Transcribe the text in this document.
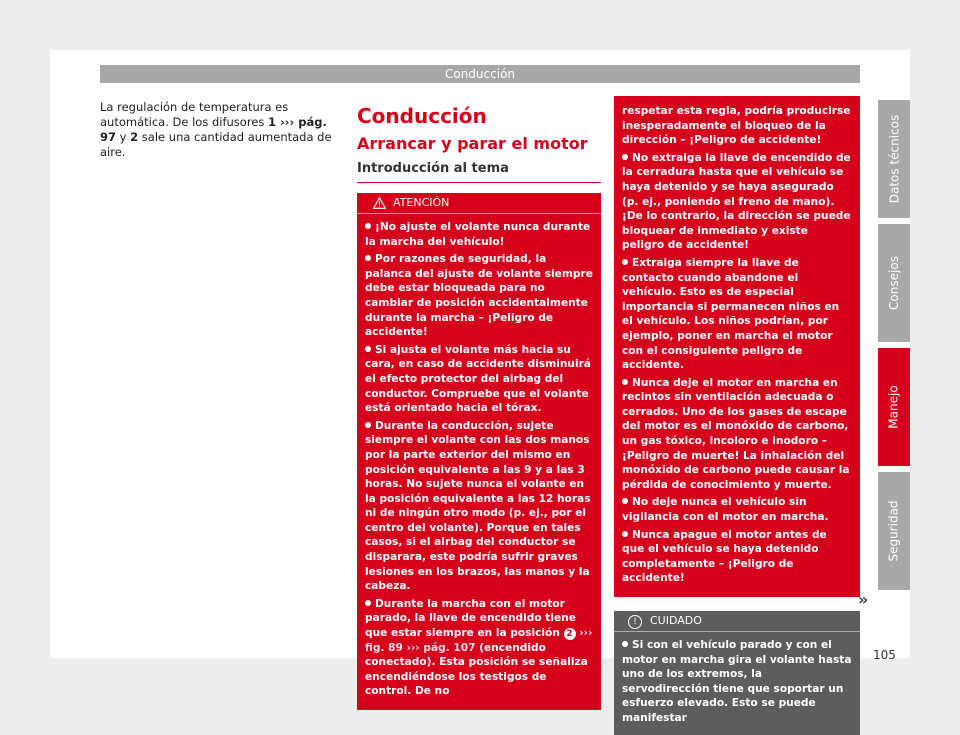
Conducción

La regulación de temperatura es automática. De los difusores 1 ››› pág. 97 y 2 sale una cantidad aumentada de aire.

Conducción
Arrancar y parar el motor
Introducción al tema
ATENCIÓN
¡No ajuste el volante nunca durante la marcha del vehículo!
Por razones de seguridad, la palanca del ajuste de volante siempre debe estar bloqueada para no cambiar de posición accidentalmente durante la marcha – ¡Peligro de accidente!
Si ajusta el volante más hacia su cara, en caso de accidente disminuirá el efecto protector del airbag del conductor. Compruebe que el volante está orientado hacia el tórax.
Durante la conducción, sujete siempre el volante con las dos manos por la parte exterior del mismo en posición equivalente a las 9 y a las 3 horas. No sujete nunca el volante en la posición equivalente a las 12 horas ni de ningún otro modo (p. ej., por el centro del volante). Porque en tales casos, si el airbag del conductor se disparara, este podría sufrir graves lesiones en los brazos, las manos y la cabeza.
Durante la marcha con el motor parado, la llave de encendido tiene que estar siempre en la posición 2 ››› fig. 89 ››› pág. 107 (encendido conectado). Esta posición se señaliza encendiéndose los testigos de control. De no
respetar esta regla, podría producirse inesperadamente el bloqueo de la dirección – ¡Peligro de accidente!
No extraiga la llave de encendido de la cerradura hasta que el vehículo se haya detenido y se haya asegurado (p. ej., poniendo el freno de mano). ¡De lo contrario, la dirección se puede bloquear de inmediato y existe peligro de accidente!
Extraiga siempre la llave de contacto cuando abandone el vehículo. Esto es de especial importancia si permanecen niños en el vehículo. Los niños podrían, por ejemplo, poner en marcha el motor con el consiguiente peligro de accidente.
Nunca deje el motor en marcha en recintos sin ventilación adecuada o cerrados. Uno de los gases de escape del motor es el monóxido de carbono, un gas tóxico, incoloro e inodoro – ¡Peligro de muerte! La inhalación del monóxido de carbono puede causar la pérdida de conocimiento y muerte.
No deje nunca el vehículo sin vigilancia con el motor en marcha.
Nunca apague el motor antes de que el vehículo se haya detenido completamente – ¡Peligro de accidente!
!	CUIDADO
Si con el vehículo parado y con el motor en marcha gira el volante hasta uno de los extremos, la servodirección tiene que soportar un esfuerzo elevado. Esto se puede manifestar
»
Datos técnicos
Consejos
Manejo
Seguridad
105
